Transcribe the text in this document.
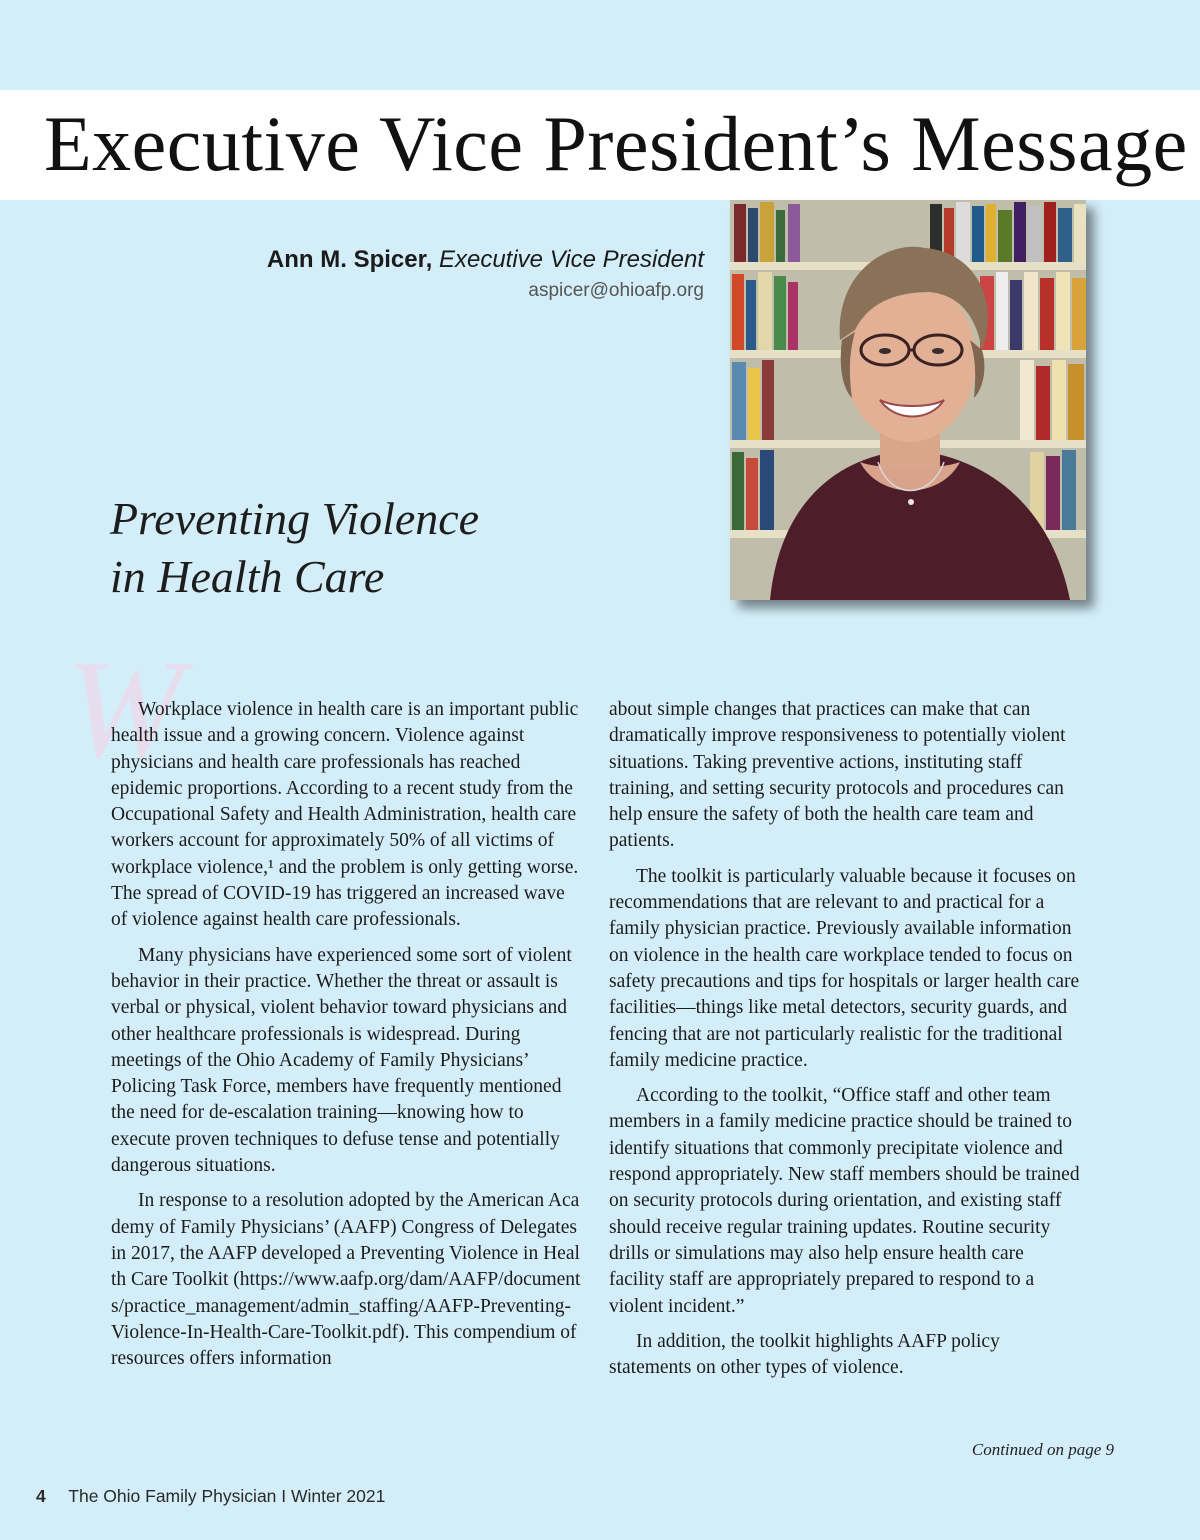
Executive Vice President’s Message
Ann M. Spicer, Executive Vice President
aspicer@ohioafp.org
Preventing Violence
in Health Care
W

Workplace violence in health care is an important public health issue and a growing concern. Violence against physicians and health care professionals has reached epidemic proportions. According to a recent study from the Occupational Safety and Health Administration, health care workers account for approximately 50% of all victims of workplace violence,¹ and the problem is only getting worse. The spread of COVID-19 has triggered an increased wave of violence against health care professionals.

Many physicians have experienced some sort of violent behavior in their practice. Whether the threat or assault is verbal or physical, violent behavior toward physicians and other healthcare professionals is widespread. During meetings of the Ohio Academy of Family Physicians’ Policing Task Force, members have frequently mentioned the need for de-escalation training—knowing how to execute proven techniques to defuse tense and potentially dangerous situations.

In response to a resolution adopted by the American Academy of Family Physicians’ (AAFP) Congress of Delegates in 2017, the AAFP developed a Preventing Violence in Health Care Toolkit (https://www.aafp.org/dam/AAFP/documents/practice_management/admin_staffing/AAFP-Preventing-Violence-In-Health-Care-Toolkit.pdf). This compendium of resources offers information

about simple changes that practices can make that can dramatically improve responsiveness to potentially violent situations. Taking preventive actions, instituting staff training, and setting security protocols and procedures can help ensure the safety of both the health care team and patients.

The toolkit is particularly valuable because it focuses on recommendations that are relevant to and practical for a family physician practice. Previously available information on violence in the health care workplace tended to focus on safety precautions and tips for hospitals or larger health care facilities—things like metal detectors, security guards, and fencing that are not particularly realistic for the traditional family medicine practice.

According to the toolkit, “Office staff and other team members in a family medicine practice should be trained to identify situations that commonly precipitate violence and respond appropriately. New staff members should be trained on security protocols during orientation, and existing staff should receive regular training updates. Routine security drills or simulations may also help ensure health care facility staff are appropriately prepared to respond to a violent incident.”

In addition, the toolkit highlights AAFP policy statements on other types of violence.

Continued on page 9
4 The Ohio Family Physician I Winter 2021
